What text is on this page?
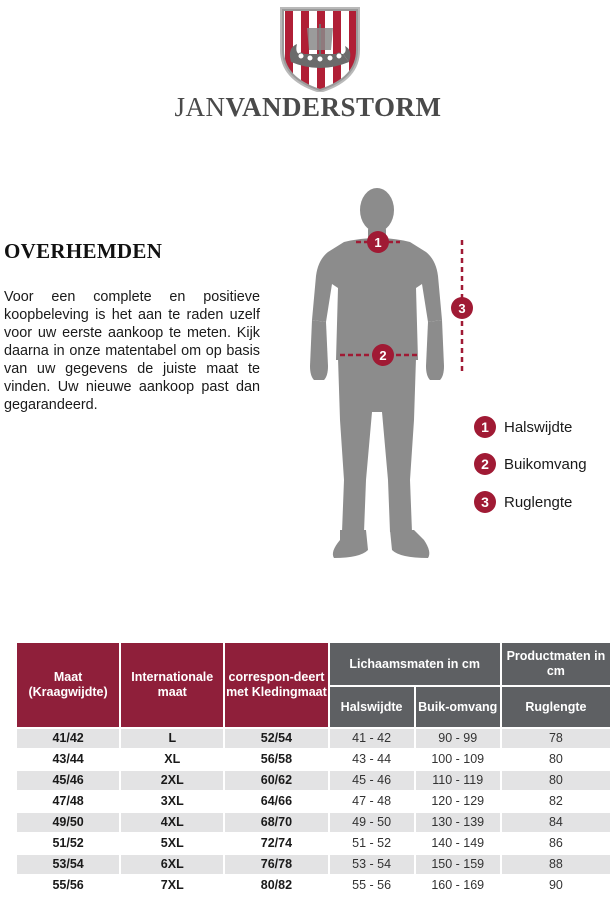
JANVANDERSTORM
OVERHEMDEN
Voor een complete en positieve koopbeleving is het aan te raden uzelf voor uw eerste aankoop te meten. Kijk daarna in onze matentabel om op basis van uw gegevens de juiste maat te vinden. Uw nieuwe aankoop past dan gegarandeerd.
1
2
3
1	Halswijdte
2	Buikomvang
3	Ruglengte
Maat (Kraagwijdte)	Internationale maat	correspon-deert met Kledingmaat	Lichaamsmaten in cm		Productmaten in cm
			Halswijdte	Buik-omvang	Ruglengte
41/42	L	52/54	41 - 42	90 - 99	78
43/44	XL	56/58	43 - 44	100 - 109	80
45/46	2XL	60/62	45 - 46	110 - 119	80
47/48	3XL	64/66	47 - 48	120 - 129	82
49/50	4XL	68/70	49 - 50	130 - 139	84
51/52	5XL	72/74	51 - 52	140 - 149	86
53/54	6XL	76/78	53 - 54	150 - 159	88
55/56	7XL	80/82	55 - 56	160 - 169	90
